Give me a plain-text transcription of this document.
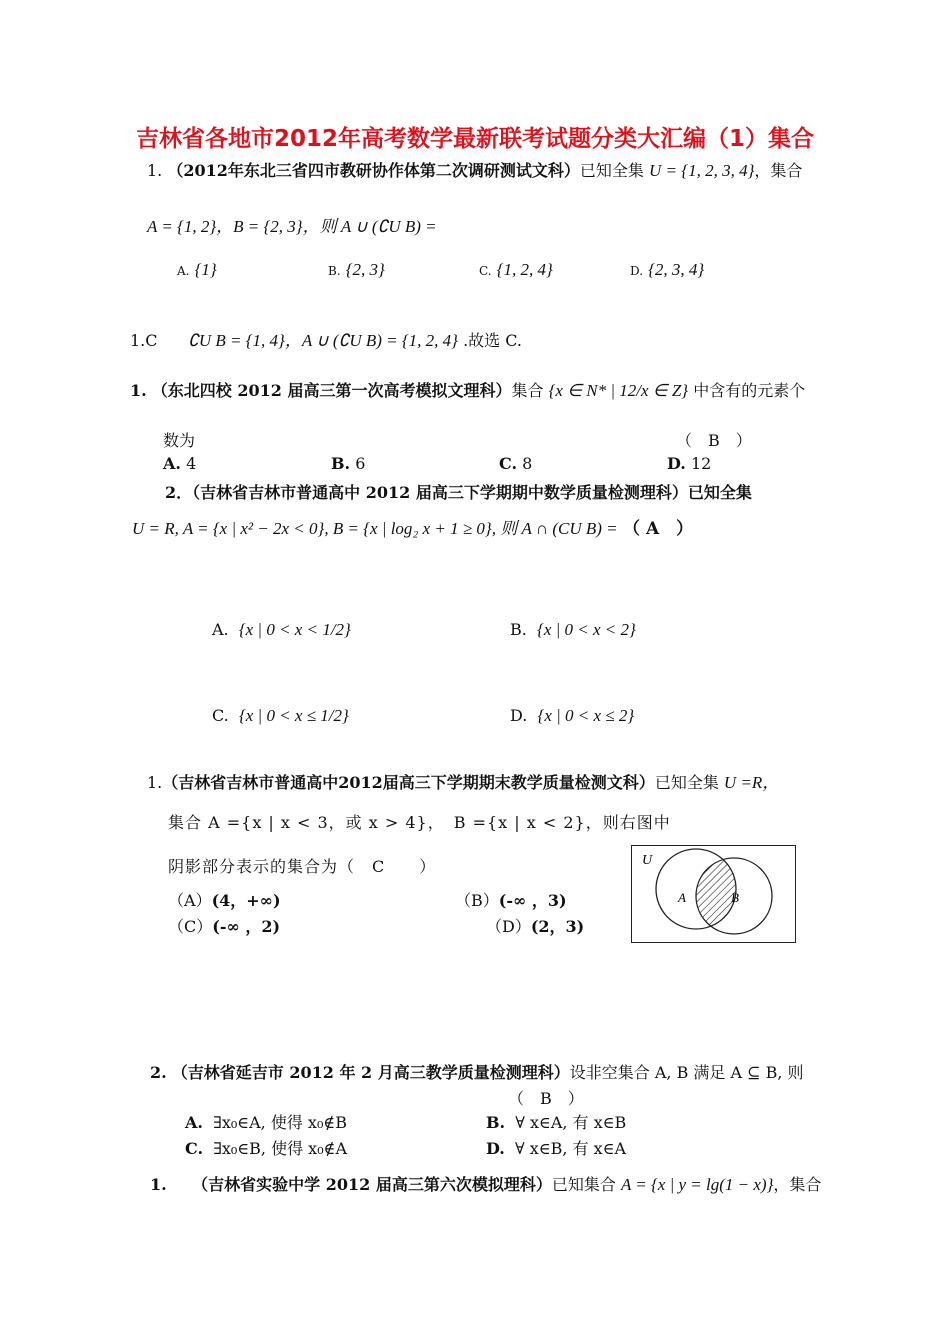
吉林省各地市2012年高考数学最新联考试题分类大汇编（1）集合
1. （2012年东北三省四市教研协作体第二次调研测试文科）已知全集 U = {1, 2, 3, 4}，集合
A = {1, 2}，B = {2, 3}，则 A ∪ (∁U B) =
A. {1}	B. {2, 3}	C. {1, 2, 4}	D. {2, 3, 4}
1.C ∁U B = {1, 4}，A ∪ (∁U B) = {1, 2, 4} .故选 C.
1. （东北四校 2012 届高三第一次高考模拟文理科）集合 {x ∈ N* | 12/x ∈ Z} 中含有的元素个
数为	（　B　）
A. 4	B. 6	C. 8	D. 12
2．（吉林省吉林市普通高中 2012 届高三下学期期中数学质量检测理科）已知全集
U = R, A = {x | x² − 2x < 0}, B = {x | log₂ x + 1 ≥ 0}, 则 A ∩ (CU B) = （ A　）
A. {x | 0 < x < 1/2}	B. {x | 0 < x < 2}
C. {x | 0 < x ≤ 1/2}	D. {x | 0 < x ≤ 2}
1.（吉林省吉林市普通高中2012届高三下学期期末教学质量检测文科）已知全集 U =R，
集合 A ={x | x < 3，或 x > 4}，　B ={x | x < 2}，则右图中
阴影部分表示的集合为（　C　　）
（A）(4，+∞)	（B）(-∞ ，3)
（C）(-∞ ，2)	（D）(2，3)
U
A	B
2. （吉林省延吉市 2012 年 2 月高三教学质量检测理科）设非空集合 A, B 满足 A ⊆ B, 则
（　B　）
A. ∃x₀∈A, 使得 x₀∉B	B. ∀ x∈A, 有 x∈B
C. ∃x₀∈B, 使得 x₀∉A	D. ∀ x∈B, 有 x∈A
1. （吉林省实验中学 2012 届高三第六次模拟理科）已知集合 A = {x | y = lg(1 − x)}，集合
